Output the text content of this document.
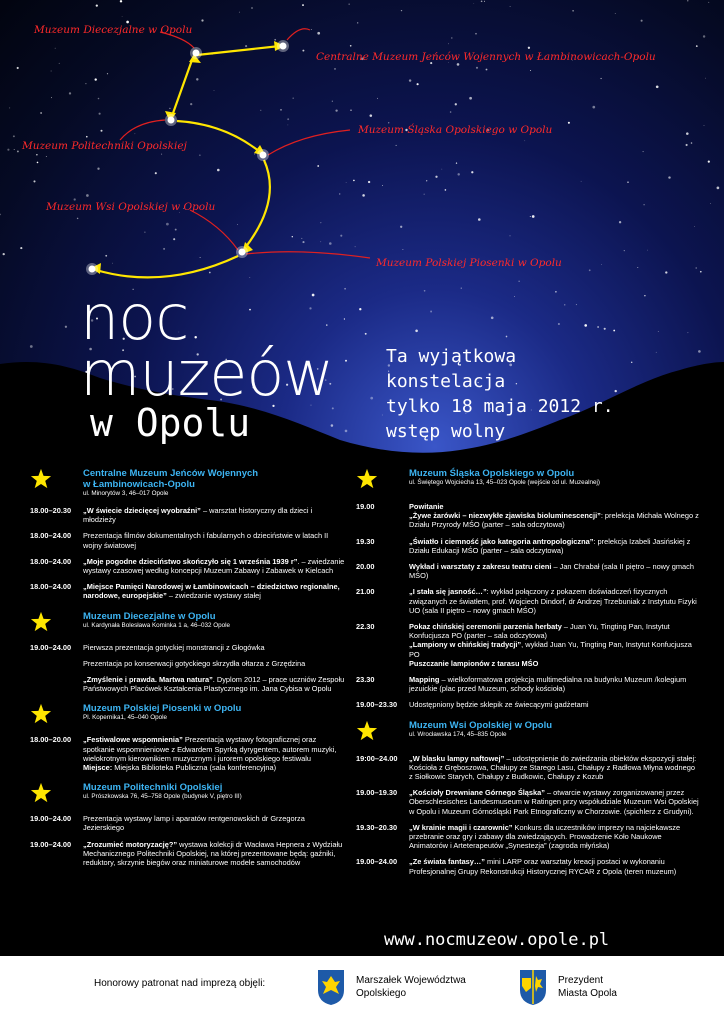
Muzeum Diecezjalne w Opolu
Centralne Muzeum Jeńców Wojennych w Łambinowicach-Opolu
Muzeum Politechniki Opolskiej
Muzeum Śląska Opolskiego w Opolu
Muzeum Wsi Opolskiej w Opolu
Muzeum Polskiej Piosenki w Opolu
noc
muzeów
w Opolu
Ta wyjątkowa
konstelacja
tylko 18 maja 2012 r.
wstęp wolny
Centralne Muzeum Jeńców Wojennych
w Łambinowicach-Opolu
ul. Minorytów 3, 46–017 Opole
18.00–20.30 „W świecie dziecięcej wyobraźni” – warsztat historyczny dla dzieci i młodzieży
18.00–24.00 Prezentacja filmów dokumentalnych i fabularnych o dzieciństwie w latach II wojny światowej
18.00–24.00 „Moje pogodne dzieciństwo skończyło się 1 września 1939 r”. – zwiedzanie wystawy czasowej według koncepcji Muzeum Zabawy i Zabawek w Kielcach
18.00–24.00 „Miejsce Pamięci Narodowej w Łambinowicach – dziedzictwo regionalne, narodowe, europejskie” – zwiedzanie wystawy stałej
Muzeum Diecezjalne w Opolu
ul. Kardynała Bolesława Kominka 1 a, 46–032 Opole
19.00–24.00 Pierwsza prezentacja gotyckiej monstrancji z Głogówka
Prezentacja po konserwacji gotyckiego skrzydła ołtarza z Grzędzina
„Zmyślenie i prawda. Martwa natura”. Dyplom 2012 – prace uczniów Zespołu Państwowych Placówek Kształcenia Plastycznego im. Jana Cybisa w Opolu
Muzeum Polskiej Piosenki w Opolu
Pl. Kopernika1, 45–040 Opole
18.00–20.00 „Festiwalowe wspomnienia” Prezentacja wystawy fotograficznej oraz spotkanie wspomnieniowe z Edwardem Spyrką dyrygentem, autorem muzyki, wielokrotnym kierownikiem muzycznym i jurorem opolskiego festiwalu
Miejsce: Miejska Biblioteka Publiczna (sala konferencyjna)
Muzeum Politechniki Opolskiej
ul. Prószkowska 76, 45–758 Opole (budynek V, piętro III)
19.00–24.00 Prezentacja wystawy lamp i aparatów rentgenowskich dr Grzegorza Jezierskiego
19.00–24.00 „Zrozumieć motoryzację?” wystawa kolekcji dr Wacława Hepnera z Wydziału Mechanicznego Politechniki Opolskiej, na której prezentowane będą: gaźniki, reduktory, skrzynie biegów oraz miniaturowe modele samochodów
Muzeum Śląska Opolskiego w Opolu
ul. Świętego Wojciecha 13, 45–023 Opole (wejście od ul. Muzealnej)
19.00	Powitanie
„Żywe żarówki – niezwykłe zjawiska bioluminescencji”: prelekcja Michała Wolnego z Działu Przyrody MŚO (parter – sala odczytowa)
19.30	„Światło i ciemność jako kategoria antropologiczna”: prelekcja Izabeli Jasińskiej z Działu Edukacji MŚO (parter – sala odczytowa)
20.00	Wykład i warsztaty z zakresu teatru cieni – Jan Chrabał (sala II piętro – nowy gmach MŚO)
21.00	„I stała się jasność…”: wykład połączony z pokazem doświadczeń fizycznych związanych ze światłem, prof. Wojciech Dindorf, dr Andrzej Trzebuniak z Instytutu Fizyki UO (sala II piętro – nowy gmach MŚO)
22.30	Pokaz chińskiej ceremonii parzenia herbaty – Juan Yu, Tingting Pan, Instytut Konfucjusza PO (parter – sala odczytowa)
„Lampiony w chińskiej tradycji”, wykład Juan Yu, Tingting Pan, Instytut Konfucjusza PO
Puszczanie lampionów z tarasu MŚO
23.30	Mapping – wielkoformatowa projekcja multimedialna na budynku Muzeum /kolegium jezuickie (plac przed Muzeum, schody kościoła)
19.00–23.30 Udostępniony będzie sklepik ze świecącymi gadżetami
Muzeum Wsi Opolskiej w Opolu
ul. Wrocławska 174, 45–835 Opole
19:00–24.00 „W blasku lampy naftowej” – udostępnienie do zwiedzania obiektów ekspozycji stałej: Kościoła z Gręboszowa, Chałupy ze Starego Lasu, Chałupy z Radłowa Młyna wodnego z Siołkowic Starych, Chałupy z Budkowic, Chałupy z Kozub
19.00–19.30 „Kościoły Drewniane Górnego Śląska” – otwarcie wystawy zorganizowanej przez Oberschlesisches Landesmuseum w Ratingen przy współudziale Muzeum Wsi Opolskiej w Opolu i Muzeum Górnośląski Park Etnograficzny w Chorzowie. (spichlerz z Grudyni).
19.30–20.30 „W krainie magii i czarownic” Konkurs dla uczestników imprezy na najciekawsze przebranie oraz gry i zabawy dla zwiedzających. Prowadzenie Koło Naukowe Animatorów i Arteterapeutów „Synestezja” (zagroda młyńska)
19.00–24.00 „Ze świata fantasy…” mini LARP oraz warsztaty kreacji postaci w wykonaniu Profesjonalnej Grupy Rekonstrukcji Historycznej RYCAR z Opola (teren muzeum)
www.nocmuzeow.opole.pl
Honorowy patronat nad imprezą objęli:	Marszałek Województwa
Opolskiego
Prezydent
Miasta Opola
